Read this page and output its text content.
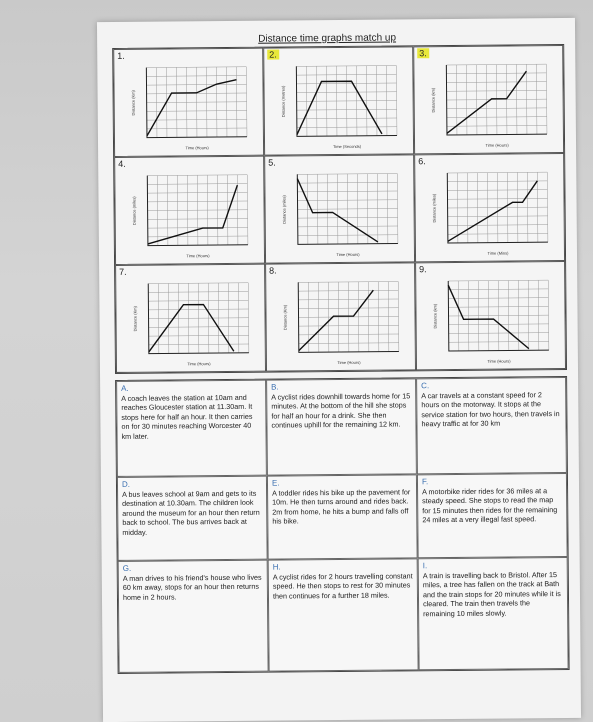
Distance time graphs match up
1.
Time (Hours)
Distance (Km)
2.
Time (Seconds)
Distance (metres)
3.
Time (Hours)
Distance (km)
4.
Time (Hours)
Distance (miles)
5.
Time (Hours)
Distance (miles)
6.
Time (Mins)
Distance (miles)
7.
Time (Hours)
Distance (Km)
8.
Time (Hours)
Distance (Km)
9.
Time (Hours)
Distance (km)
A.
A coach leaves the station at 10am and reaches Gloucester station at 11.30am. It stops here for half an hour. It then carries on for 30 minutes reaching Worcester 40 km later.
B.
A cyclist rides downhill towards home for 15 minutes. At the bottom of the hill she stops for half an hour for a drink. She then continues uphill for the remaining 12 km.
C.
A car travels at a constant speed for 2 hours on the motorway. It stops at the service station for two hours, then travels in heavy traffic at for 30 km
D.
A bus leaves school at 9am and gets to its destination at 10.30am. The children look around the museum for an hour then return back to school. The bus arrives back at midday.
E.
A toddler rides his bike up the pavement for 10m. He then turns around and rides back. 2m from home, he hits a bump and falls off his bike.
F.
A motorbike rider rides for 36 miles at a steady speed. She stops to read the map for 15 minutes then rides for the remaining 24 miles at a very illegal fast speed.
G.
A man drives to his friend's house who lives 60 km away, stops for an hour then returns home in 2 hours.
H.
A cyclist rides for 2 hours travelling constant speed. He then stops to rest for 30 minutes then continues for a further 18 miles.
I.
A train is travelling back to Bristol. After 15 miles, a tree has fallen on the track at Bath and the train stops for 20 minutes while it is cleared. The train then travels the remaining 10 miles slowly.
